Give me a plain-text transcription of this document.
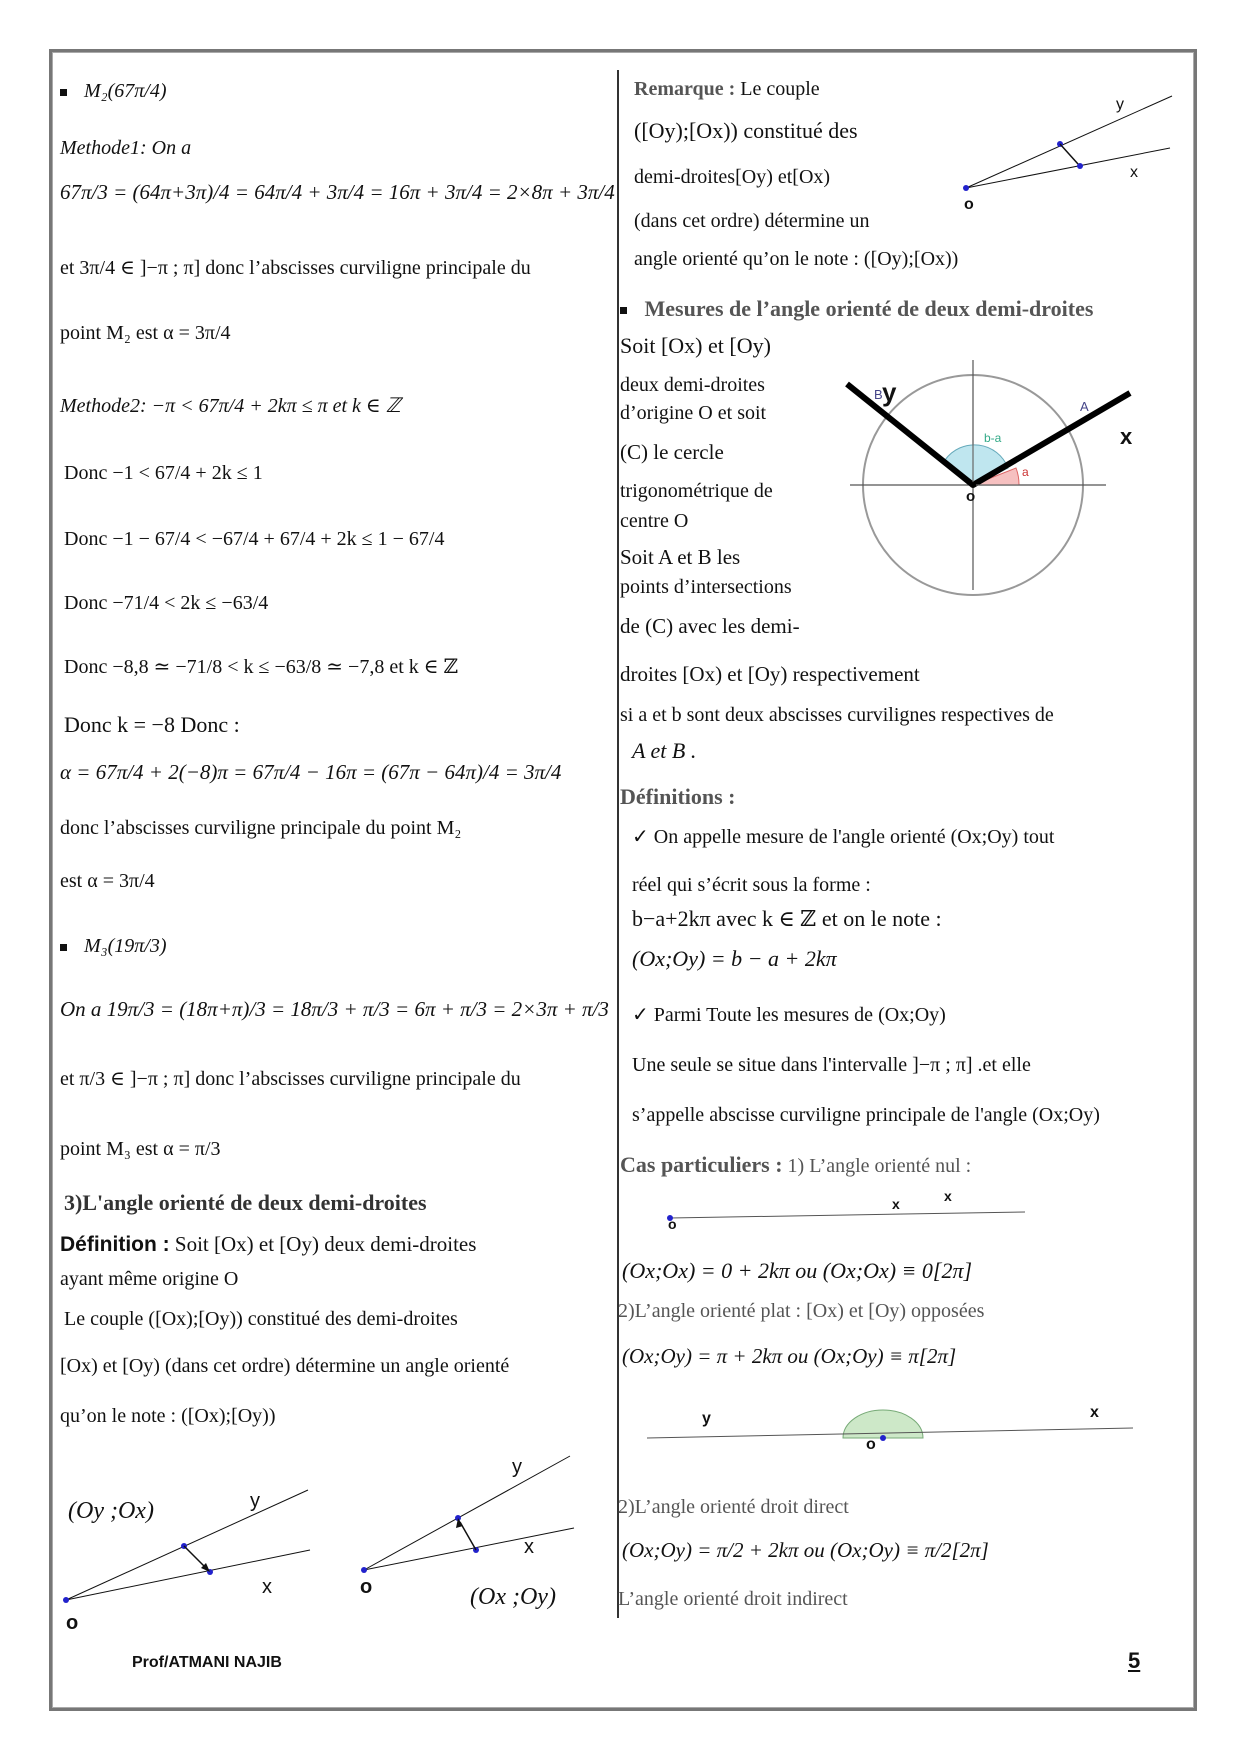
M₂(67π/4)
Methode1: On a
67π/3 = (64π+3π)/4 = 64π/4 + 3π/4 = 16π + 3π/4 = 2×8π + 3π/4
et 3π/4 ∈ ]−π ; π] donc l’abscisses curviligne principale du
point M₂ est α = 3π/4
Methode2: −π < 67π/4 + 2kπ ≤ π et k ∈ ℤ
Donc −1 < 67/4 + 2k ≤ 1
Donc −1 − 67/4 < −67/4 + 67/4 + 2k ≤ 1 − 67/4
Donc −71/4 < 2k ≤ −63/4
Donc −8,8 ≃ −71/8 < k ≤ −63/8 ≃ −7,8 et k ∈ ℤ
Donc k = −8 Donc :
α = 67π/4 + 2(−8)π = 67π/4 − 16π = (67π − 64π)/4 = 3π/4
donc l’abscisses curviligne principale du point M₂
est α = 3π/4
M₃(19π/3)
On a 19π/3 = (18π+π)/3 = 18π/3 + π/3 = 6π + π/3 = 2×3π + π/3
et π/3 ∈ ]−π ; π] donc l’abscisses curviligne principale du
point M₃ est α = π/3
3)L'angle orienté de deux demi-droites
Définition : Soit [Ox) et [Oy) deux demi-droites
ayant même origine O
Le couple ([Ox);[Oy)) constitué des demi-droites
[Ox) et [Oy) (dans cet ordre) détermine un angle orienté
qu’on le note : ([Ox);[Oy))
y
x
o
(Oy ;Ox)
y
x
o	(Ox ;Oy)
Remarque : Le couple
([Oy);[Ox)) constitué des
demi-droites[Oy) et[Ox)
(dans cet ordre) détermine un
angle orienté qu’on le note : ([Oy);[Ox))
y
x
o
Mesures de l’angle orienté de deux demi-droites
Soit [Ox) et [Oy)
deux demi-droites
d’origine O et soit
(C) le cercle
trigonométrique de
centre O
Soit A et B les
points d’intersections
de (C) avec les demi-
droites [Ox) et [Oy) respectivement
si a et b sont deux abscisses curvilignes respectives de
A et B .
y
x
o
b-a
a
A
B
Définitions :
✓ On appelle mesure de l'angle orienté (Ox;Oy) tout
réel qui s’écrit sous la forme :
b−a+2kπ avec k ∈ ℤ et on le note :
(Ox;Oy) = b − a + 2kπ
✓ Parmi Toute les mesures de (Ox;Oy)
Une seule se situe dans l'intervalle ]−π ; π] .et elle
s’appelle abscisse curviligne principale de l'angle (Ox;Oy)
Cas particuliers : 1) L’angle orienté nul :
o
x	x
(Ox;Ox) = 0 + 2kπ ou (Ox;Ox) ≡ 0[2π]
2)L’angle orienté plat : [Ox) et [Oy) opposées
(Ox;Oy) = π + 2kπ ou (Ox;Oy) ≡ π[2π]
y
o
x
2)L’angle orienté droit direct
(Ox;Oy) = π/2 + 2kπ ou (Ox;Oy) ≡ π/2[2π]
L’angle orienté droit indirect
Prof/ATMANI NAJIB	5
